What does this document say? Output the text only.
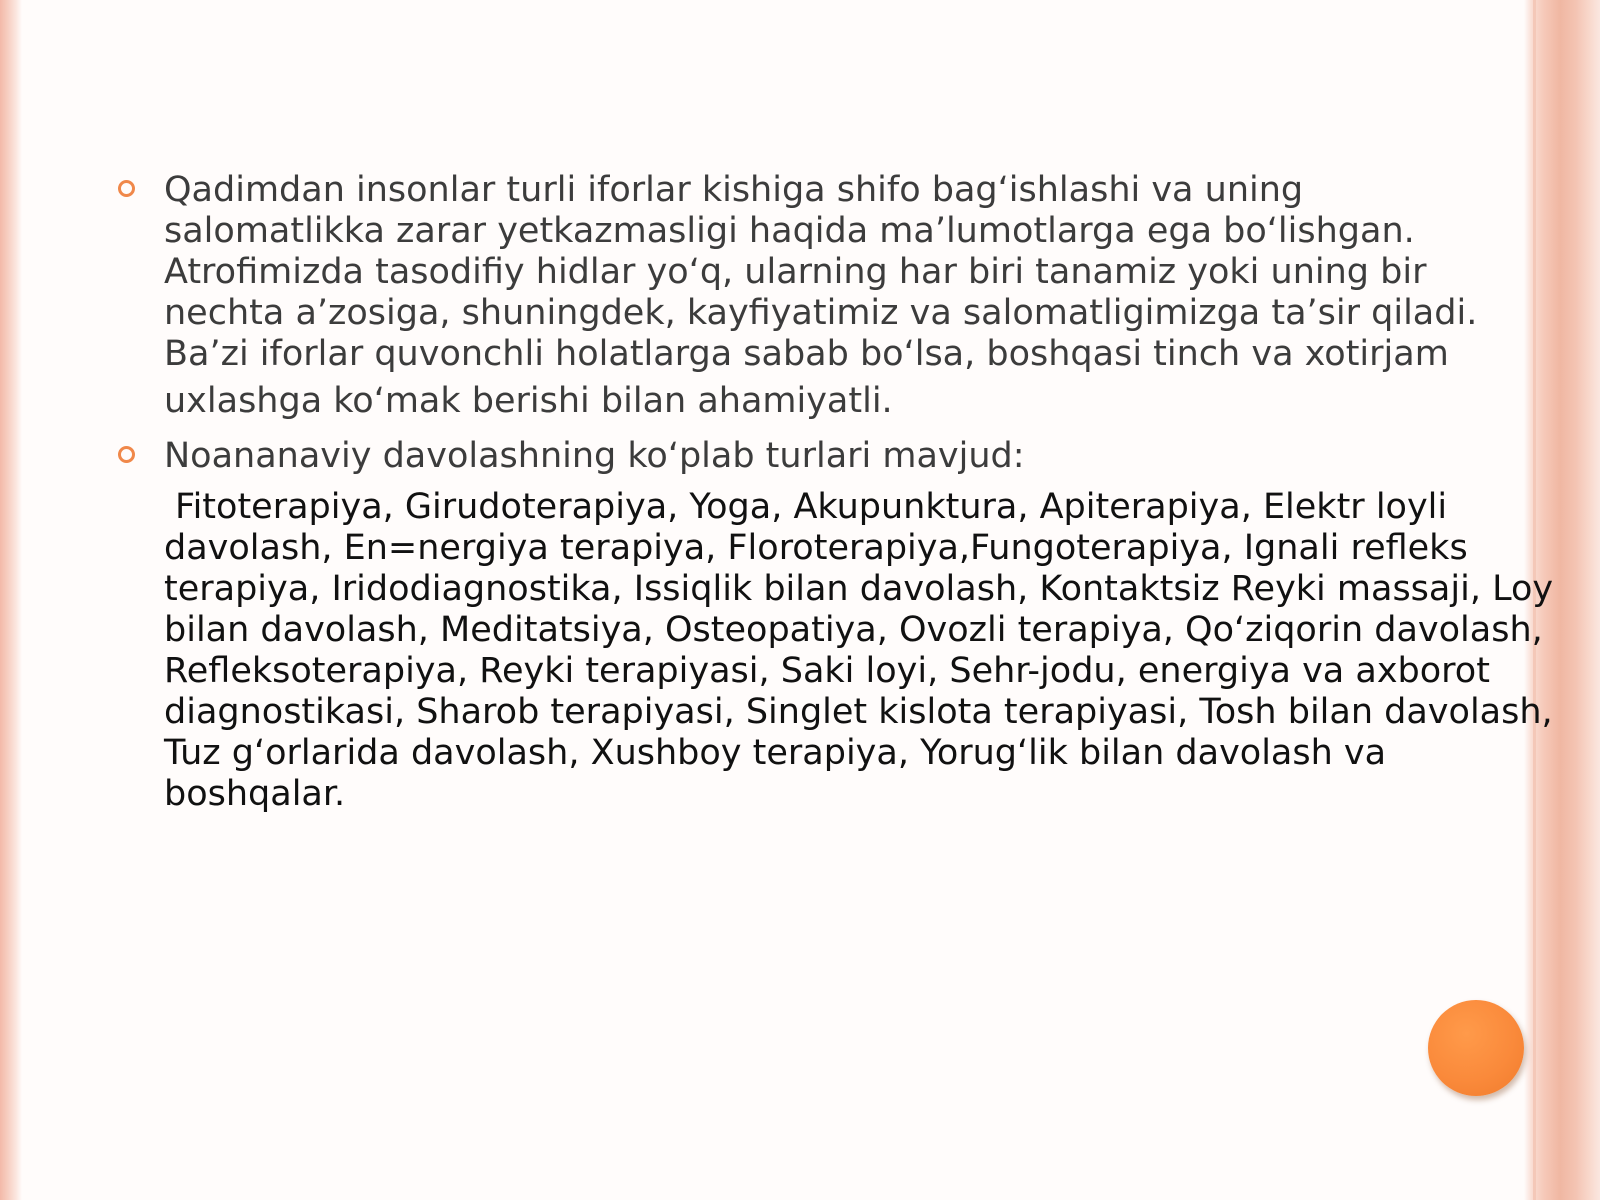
Qadimdan insonlar turli iforlar kishiga shifo bag‘ishlashi va uning salomatlikka zarar yetkazmasligi haqida ma’lumotlarga ega bo‘lishgan. Atrofimizda tasodifiy hidlar yo‘q, ularning har biri tanamiz yoki uning bir nechta a’zosiga, shuningdek, kayfiyatimiz va salomatligimizga ta’sir qiladi. Ba’zi iforlar quvonchli holatlarga sabab bo‘lsa, boshqasi tinch va xotirjam
uxlashga ko‘mak berishi bilan ahamiyatli.
Noananaviy davolashning ko‘plab turlari mavjud:
Fitoterapiya, Girudoterapiya, Yoga, Akupunktura, Apiterapiya, Elektr loyli davolash, En=nergiya terapiya, Floroterapiya,Fungoterapiya, Ignali refleks terapiya, Iridodiagnostika, Issiqlik bilan davolash, Kontaktsiz Reyki massaji, Loy bilan davolash, Meditatsiya, Osteopatiya, Ovozli terapiya, Qo‘ziqorin davolash, Refleksoterapiya, Reyki terapiyasi, Saki loyi, Sehr-jodu, energiya va axborot diagnostikasi, Sharob terapiyasi, Singlet kislota terapiyasi, Tosh bilan davolash, Tuz g‘orlarida davolash, Xushboy terapiya, Yorug‘lik bilan davolash va boshqalar.
